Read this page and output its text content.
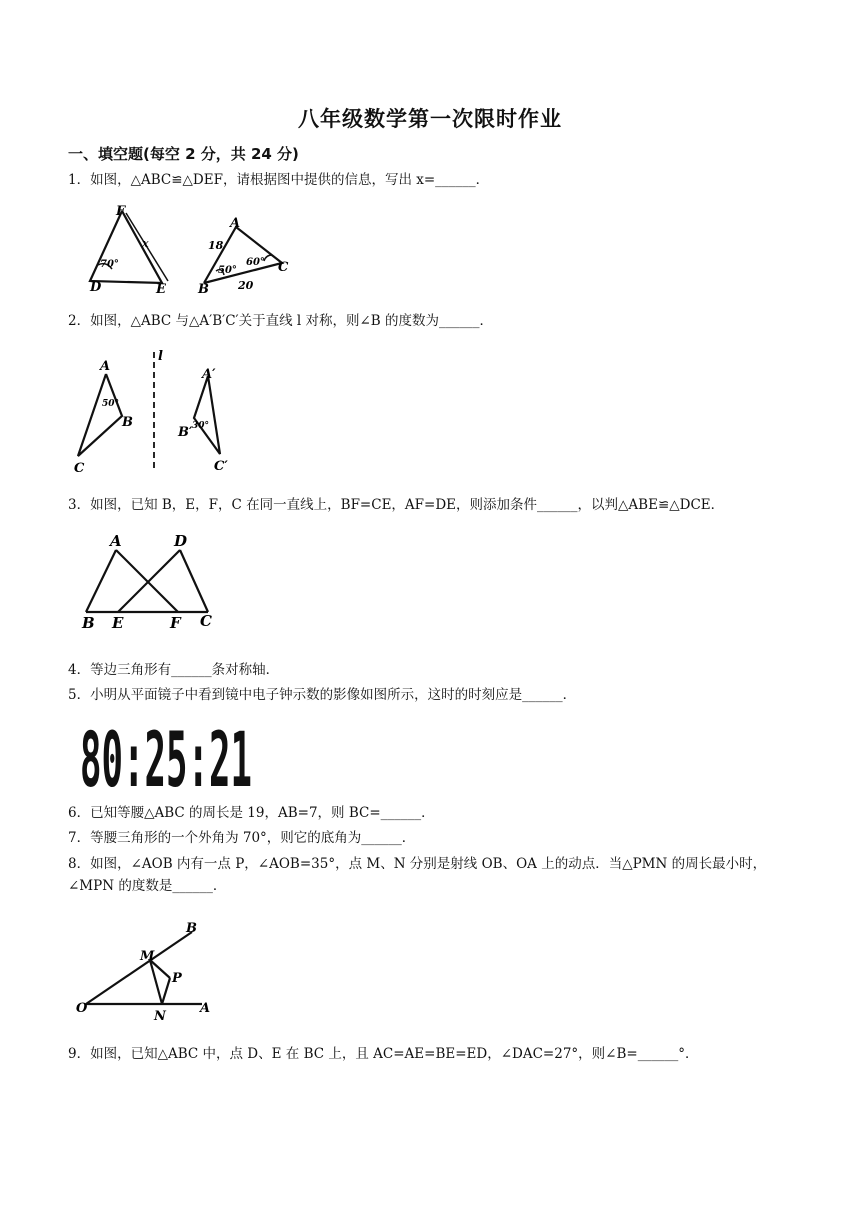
八年级数学第一次限时作业
一、填空题(每空 2 分，共 24 分)
1．如图，△ABC≌△DEF，请根据图中提供的信息，写出 x=______．
F
D	E
x
70°
A
B
C
18
20
50°
60°
2．如图，△ABC 与△A′B′C′关于直线 l 对称，则∠B 的度数为______．
A
B
C
50°
l
A′
B′
C′
30°
3．如图，已知 B，E，F，C 在同一直线上，BF=CE，AF=DE，则添加条件______，以判△ABE≌△DCE．
A	D
B E	F C
4．等边三角形有______条对称轴．
5．小明从平面镜子中看到镜中电子钟示数的影像如图所示，这时的时刻应是______．
80:25:21
6．已知等腰△ABC 的周长是 19，AB=7，则 BC=______．
7．等腰三角形的一个外角为 70°，则它的底角为______．
8．如图，∠AOB 内有一点 P，∠AOB=35°，点 M、N 分别是射线 OB、OA 上的动点．当△PMN 的周长最小时，∠MPN 的度数是______．
B
M
P
O
N
A
9．如图，已知△ABC 中，点 D、E 在 BC 上，且 AC=AE=BE=ED，∠DAC=27°，则∠B=______°．
